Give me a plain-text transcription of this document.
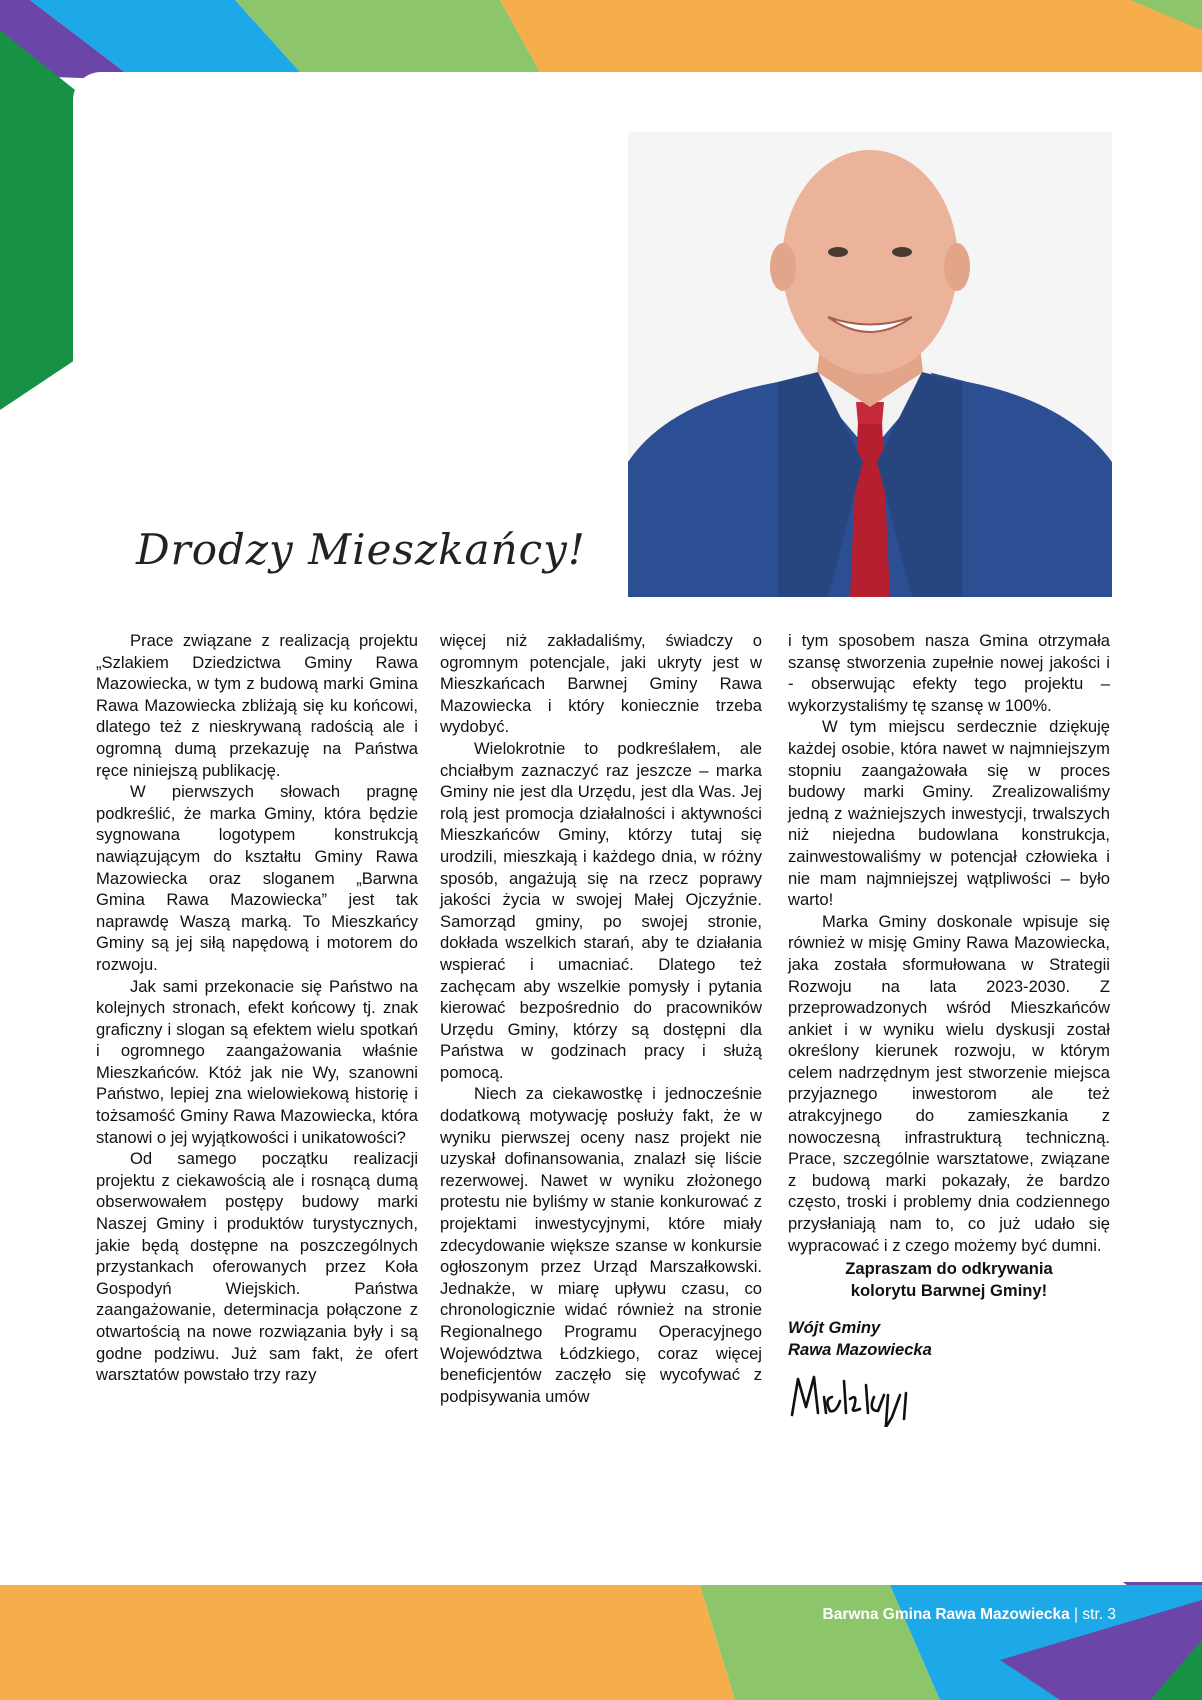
Drodzy Mieszkańcy!

Prace związane z realizacją projektu „Szlakiem Dziedzictwa Gminy Rawa Mazowiecka, w tym z budową marki Gmina Rawa Mazowiecka zbliżają się ku końcowi, dlatego też z nieskrywaną radością ale i ogromną dumą przekazuję na Państwa ręce niniejszą publikację.

W pierwszych słowach pragnę podkreślić, że marka Gminy, która będzie sygnowana logotypem konstrukcją nawiązującym do kształtu Gminy Rawa Mazowiecka oraz sloganem „Barwna Gmina Rawa Mazowiecka” jest tak naprawdę Waszą marką. To Mieszkańcy Gminy są jej siłą napędową i motorem do rozwoju.

Jak sami przekonacie się Państwo na kolejnych stronach, efekt końcowy tj. znak graficzny i slogan są efektem wielu spotkań i ogromnego zaangażowania właśnie Mieszkańców. Któż jak nie Wy, szanowni Państwo, lepiej zna wielowiekową historię i tożsamość Gminy Rawa Mazowiecka, która stanowi o jej wyjątkowości i unikatowości?

Od samego początku realizacji projektu z ciekawością ale i rosnącą dumą obserwowałem postępy budowy marki Naszej Gminy i produktów turystycznych, jakie będą dostępne na poszczególnych przystankach oferowanych przez Koła Gospodyń Wiejskich. Państwa zaangażowanie, determinacja połączone z otwartością na nowe rozwiązania były i są godne podziwu. Już sam fakt, że ofert warsztatów powstało trzy razy

więcej niż zakładaliśmy, świadczy o ogromnym potencjale, jaki ukryty jest w Mieszkańcach Barwnej Gminy Rawa Mazowiecka i który koniecznie trzeba wydobyć.

Wielokrotnie to podkreślałem, ale chciałbym zaznaczyć raz jeszcze – marka Gminy nie jest dla Urzędu, jest dla Was. Jej rolą jest promocja działalności i aktywności Mieszkańców Gminy, którzy tutaj się urodzili, mieszkają i każdego dnia, w różny sposób, angażują się na rzecz poprawy jakości życia w swojej Małej Ojczyźnie. Samorząd gminy, po swojej stronie, dokłada wszelkich starań, aby te działania wspierać i umacniać. Dlatego też zachęcam aby wszelkie pomysły i pytania kierować bezpośrednio do pracowników Urzędu Gminy, którzy są dostępni dla Państwa w godzinach pracy i służą pomocą.

Niech za ciekawostkę i jednocześnie dodatkową motywację posłuży fakt, że w wyniku pierwszej oceny nasz projekt nie uzyskał dofinansowania, znalazł się liście rezerwowej. Nawet w wyniku złożonego protestu nie byliśmy w stanie konkurować z projektami inwestycyjnymi, które miały zdecydowanie większe szanse w konkursie ogłoszonym przez Urząd Marszałkowski. Jednakże, w miarę upływu czasu, co chronologicznie widać również na stronie Regionalnego Programu Operacyjnego Województwa Łódzkiego, coraz więcej beneficjentów zaczęło się wycofywać z podpisywania umów

i tym sposobem nasza Gmina otrzymała szansę stworzenia zupełnie nowej jakości i - obserwując efekty tego projektu – wykorzystaliśmy tę szansę w 100%.

W tym miejscu serdecznie dziękuję każdej osobie, która nawet w najmniejszym stopniu zaangażowała się w proces budowy marki Gminy. Zrealizowaliśmy jedną z ważniejszych inwestycji, trwalszych niż niejedna budowlana konstrukcja, zainwestowaliśmy w potencjał człowieka i nie mam najmniejszej wątpliwości – było warto!

Marka Gminy doskonale wpisuje się również w misję Gminy Rawa Mazowiecka, jaka została sformułowana w Strategii Rozwoju na lata 2023-2030. Z przeprowadzonych wśród Mieszkańców ankiet i w wyniku wielu dyskusji został określony kierunek rozwoju, w którym celem nadrzędnym jest stworzenie miejsca przyjaznego inwestorom ale też atrakcyjnego do zamieszkania z nowoczesną infrastrukturą techniczną. Prace, szczególnie warsztatowe, związane z budową marki pokazały, że bardzo często, troski i problemy dnia codziennego przysłaniają nam to, co już udało się wypracować i z czego możemy być dumni.

Zapraszam do odkrywania
kolorytu Barwnej Gminy!

Wójt Gminy
Rawa Mazowiecka

Barwna Gmina Rawa Mazowiecka | str. 3
